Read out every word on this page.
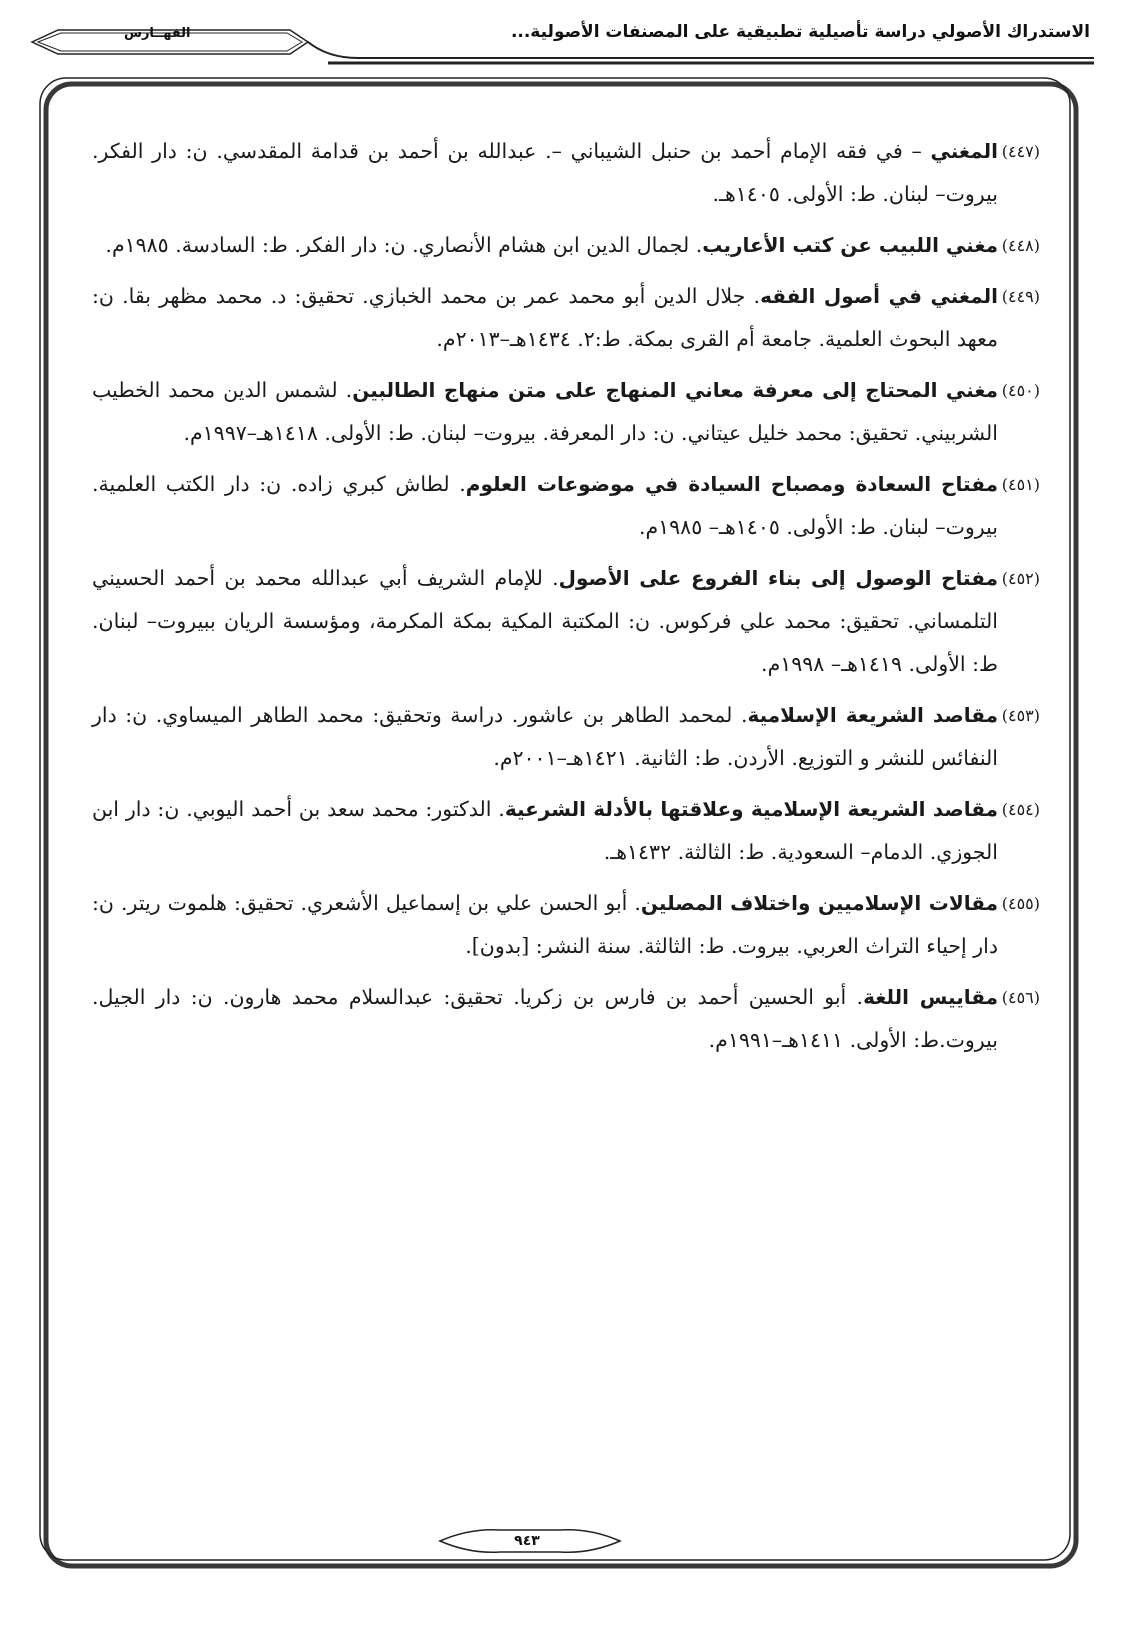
الاستدراك الأصولي دراسة تأصيلية تطبيقية على المصنفات الأصولية...
الفهــارس
٩٤٣

(٤٤٧)
المغني – في فقه الإمام أحمد بن حنبل الشيباني –. عبدالله بن أحمد بن قدامة المقدسي. ن: دار الفكر. بيروت– لبنان. ط: الأولى. ١٤٠٥هـ.

(٤٤٨)
مغني اللبيب عن كتب الأعاريب. لجمال الدين ابن هشام الأنصاري. ن: دار الفكر. ط: السادسة. ١٩٨٥م.

(٤٤٩)
المغني في أصول الفقه. جلال الدين أبو محمد عمر بن محمد الخبازي. تحقيق: د. محمد مظهر بقا. ن: معهد البحوث العلمية. جامعة أم القرى بمكة. ط:٢. ١٤٣٤هـ–٢٠١٣م.

(٤٥٠)
مغني المحتاج إلى معرفة معاني المنهاج على متن منهاج الطالبين. لشمس الدين محمد الخطيب الشربيني. تحقيق: محمد خليل عيتاني. ن: دار المعرفة. بيروت– لبنان. ط: الأولى. ١٤١٨هـ–١٩٩٧م.

(٤٥١)
مفتاح السعادة ومصباح السيادة في موضوعات العلوم. لطاش كبري زاده. ن: دار الكتب العلمية. بيروت– لبنان. ط: الأولى. ١٤٠٥هـ– ١٩٨٥م.

(٤٥٢)
مفتاح الوصول إلى بناء الفروع على الأصول. للإمام الشريف أبي عبدالله محمد بن أحمد الحسيني التلمساني. تحقيق: محمد علي فركوس. ن: المكتبة المكية بمكة المكرمة، ومؤسسة الريان ببيروت– لبنان. ط: الأولى. ١٤١٩هـ– ١٩٩٨م.

(٤٥٣)
مقاصد الشريعة الإسلامية. لمحمد الطاهر بن عاشور. دراسة وتحقيق: محمد الطاهر الميساوي. ن: دار النفائس للنشر و التوزيع. الأردن. ط: الثانية. ١٤٢١هـ–٢٠٠١م.

(٤٥٤)
مقاصد الشريعة الإسلامية وعلاقتها بالأدلة الشرعية. الدكتور: محمد سعد بن أحمد اليوبي. ن: دار ابن الجوزي. الدمام– السعودية. ط: الثالثة. ١٤٣٢هـ.

(٤٥٥)
مقالات الإسلاميين واختلاف المصلين. أبو الحسن علي بن إسماعيل الأشعري. تحقيق: هلموت ريتر. ن: دار إحياء التراث العربي. بيروت. ط: الثالثة. سنة النشر: [بدون].

(٤٥٦)
مقاييس اللغة. أبو الحسين أحمد بن فارس بن زكريا. تحقيق: عبدالسلام محمد هارون. ن: دار الجيل. بيروت.ط: الأولى. ١٤١١هـ–١٩٩١م.
